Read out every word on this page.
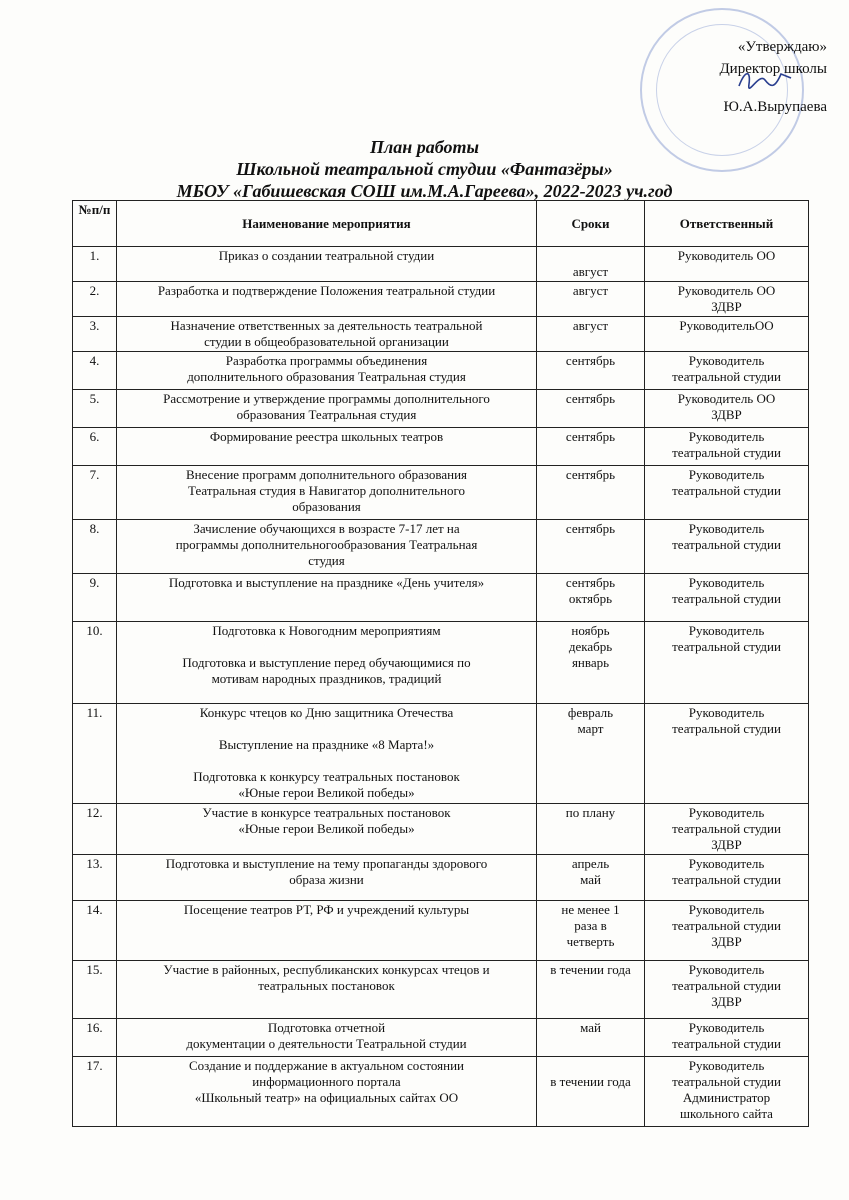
«Утверждаю»
Директор школы

Ю.А.Вырупаева
План работы
Школьной театральной студии «Фантазёры»
МБОУ «Габишевская СОШ им.М.А.Гареева», 2022-2023 уч.год
№п/п	Наименование мероприятия	Сроки	Ответственный
1.	Приказ о создании театральной студии	август	Руководитель ОО

2.	Разработка и подтверждение Положения театральной студии	август	Руководитель ОО
ЗДВР

3.	Назначение ответственных за деятельность театральной
студии в общеобразовательной организации	август	РуководительОО

4.	Разработка программы объединения
дополнительного образования Театральная студия	сентябрь	Руководитель
театральной студии

5.	Рассмотрение и утверждение программы дополнительного
образования Театральная студия	сентябрь	Руководитель ОО
ЗДВР

6.	Формирование реестра школьных театров	сентябрь	Руководитель
театральной студии

7.	Внесение программ дополнительного образования
Театральная студия в Навигатор дополнительного
образования	сентябрь	Руководитель
театральной студии

8.	Зачисление обучающихся в возрасте 7-17 лет на
программы дополнительногообразования Театральная
студия	сентябрь	Руководитель
театральной студии

9.	Подготовка и выступление на празднике «День учителя»	сентябрь
октябрь	Руководитель
театральной студии

10.	Подготовка к Новогодним мероприятиям
Подготовка и выступление перед обучающимися по
мотивам народных праздников, традиций	ноябрь
декабрь
январь	Руководитель
театральной студии

11.	Конкурс чтецов ко Дню защитника Отечества
Выступление на празднике «8 Марта!»
Подготовка к конкурсу театральных постановок
«Юные герои Великой победы»	февраль
март	Руководитель
театральной студии

12.	Участие в конкурсе театральных постановок
«Юные герои Великой победы»	по плану	Руководитель
театральной студии
ЗДВР

13.	Подготовка и выступление на тему пропаганды здорового
образа жизни	апрель
май	Руководитель
театральной студии

14.	Посещение театров РТ, РФ и учреждений культуры	не менее 1
раза в
четверть	Руководитель
театральной студии
ЗДВР

15.	Участие в районных, республиканских конкурсах чтецов и
театральных постановок	в течении года	Руководитель
театральной студии
ЗДВР

16.	Подготовка отчетной
документации о деятельности Театральной студии	май	Руководитель
театральной студии

17.	Создание и поддержание в актуальном состоянии
информационного портала
«Школьный театр» на официальных сайтах ОО	в течении года	Руководитель
театральной студии
Администратор
школьного сайта
